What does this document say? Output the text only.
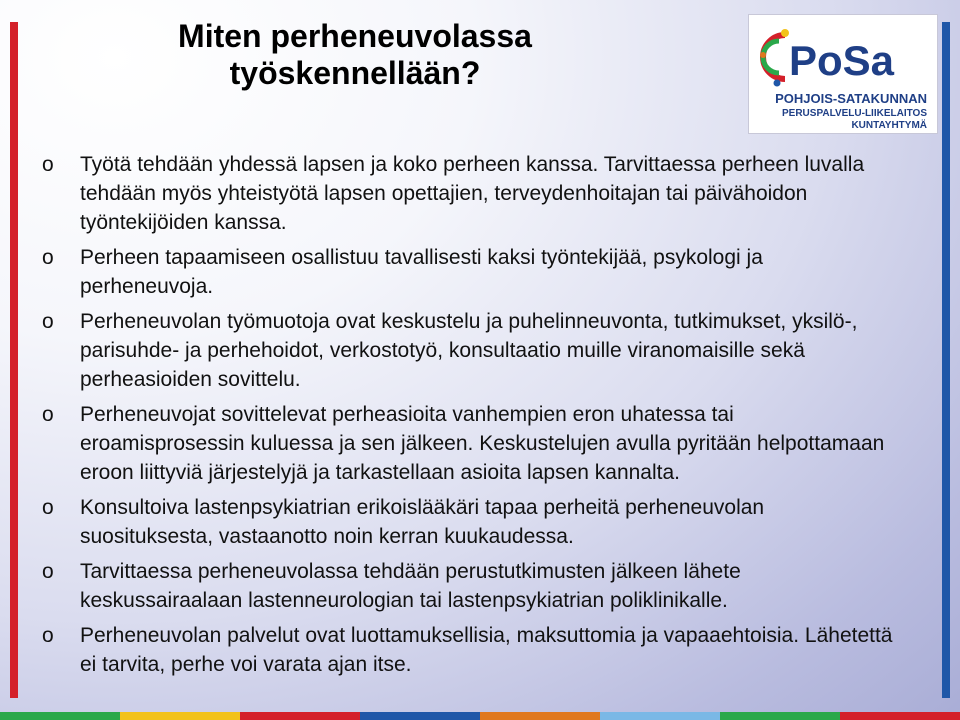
Miten perheneuvolassa työskennellään?	PoSa
POHJOIS-SATAKUNNAN
PERUSPALVELU-LIIKELAITOS
KUNTAYHTYMÄ
o Työtä tehdään yhdessä lapsen ja koko perheen kanssa. Tarvittaessa perheen luvalla tehdään myös yhteistyötä lapsen opettajien, terveydenhoitajan tai päivähoidon työntekijöiden kanssa.
o Perheen tapaamiseen osallistuu tavallisesti kaksi työntekijää, psykologi ja perheneuvoja.
o Perheneuvolan työmuotoja ovat keskustelu ja puhelinneuvonta, tutkimukset, yksilö-, parisuhde- ja perhehoidot, verkostotyö, konsultaatio muille viranomaisille sekä perheasioiden sovittelu.
o Perheneuvojat sovittelevat perheasioita vanhempien eron uhatessa tai eroamisprosessin kuluessa ja sen jälkeen. Keskustelujen avulla pyritään helpottamaan eroon liittyviä järjestelyjä ja tarkastellaan asioita lapsen kannalta.
o Konsultoiva lastenpsykiatrian erikoislääkäri tapaa perheitä perheneuvolan suosituksesta, vastaanotto noin kerran kuukaudessa.
o Tarvittaessa perheneuvolassa tehdään perustutkimusten jälkeen lähete keskussairaalaan lastenneurologian tai lastenpsykiatrian poliklinikalle.
o Perheneuvolan palvelut ovat luottamuksellisia, maksuttomia ja vapaaehtoisia. Lähetettä ei tarvita, perhe voi varata ajan itse.
